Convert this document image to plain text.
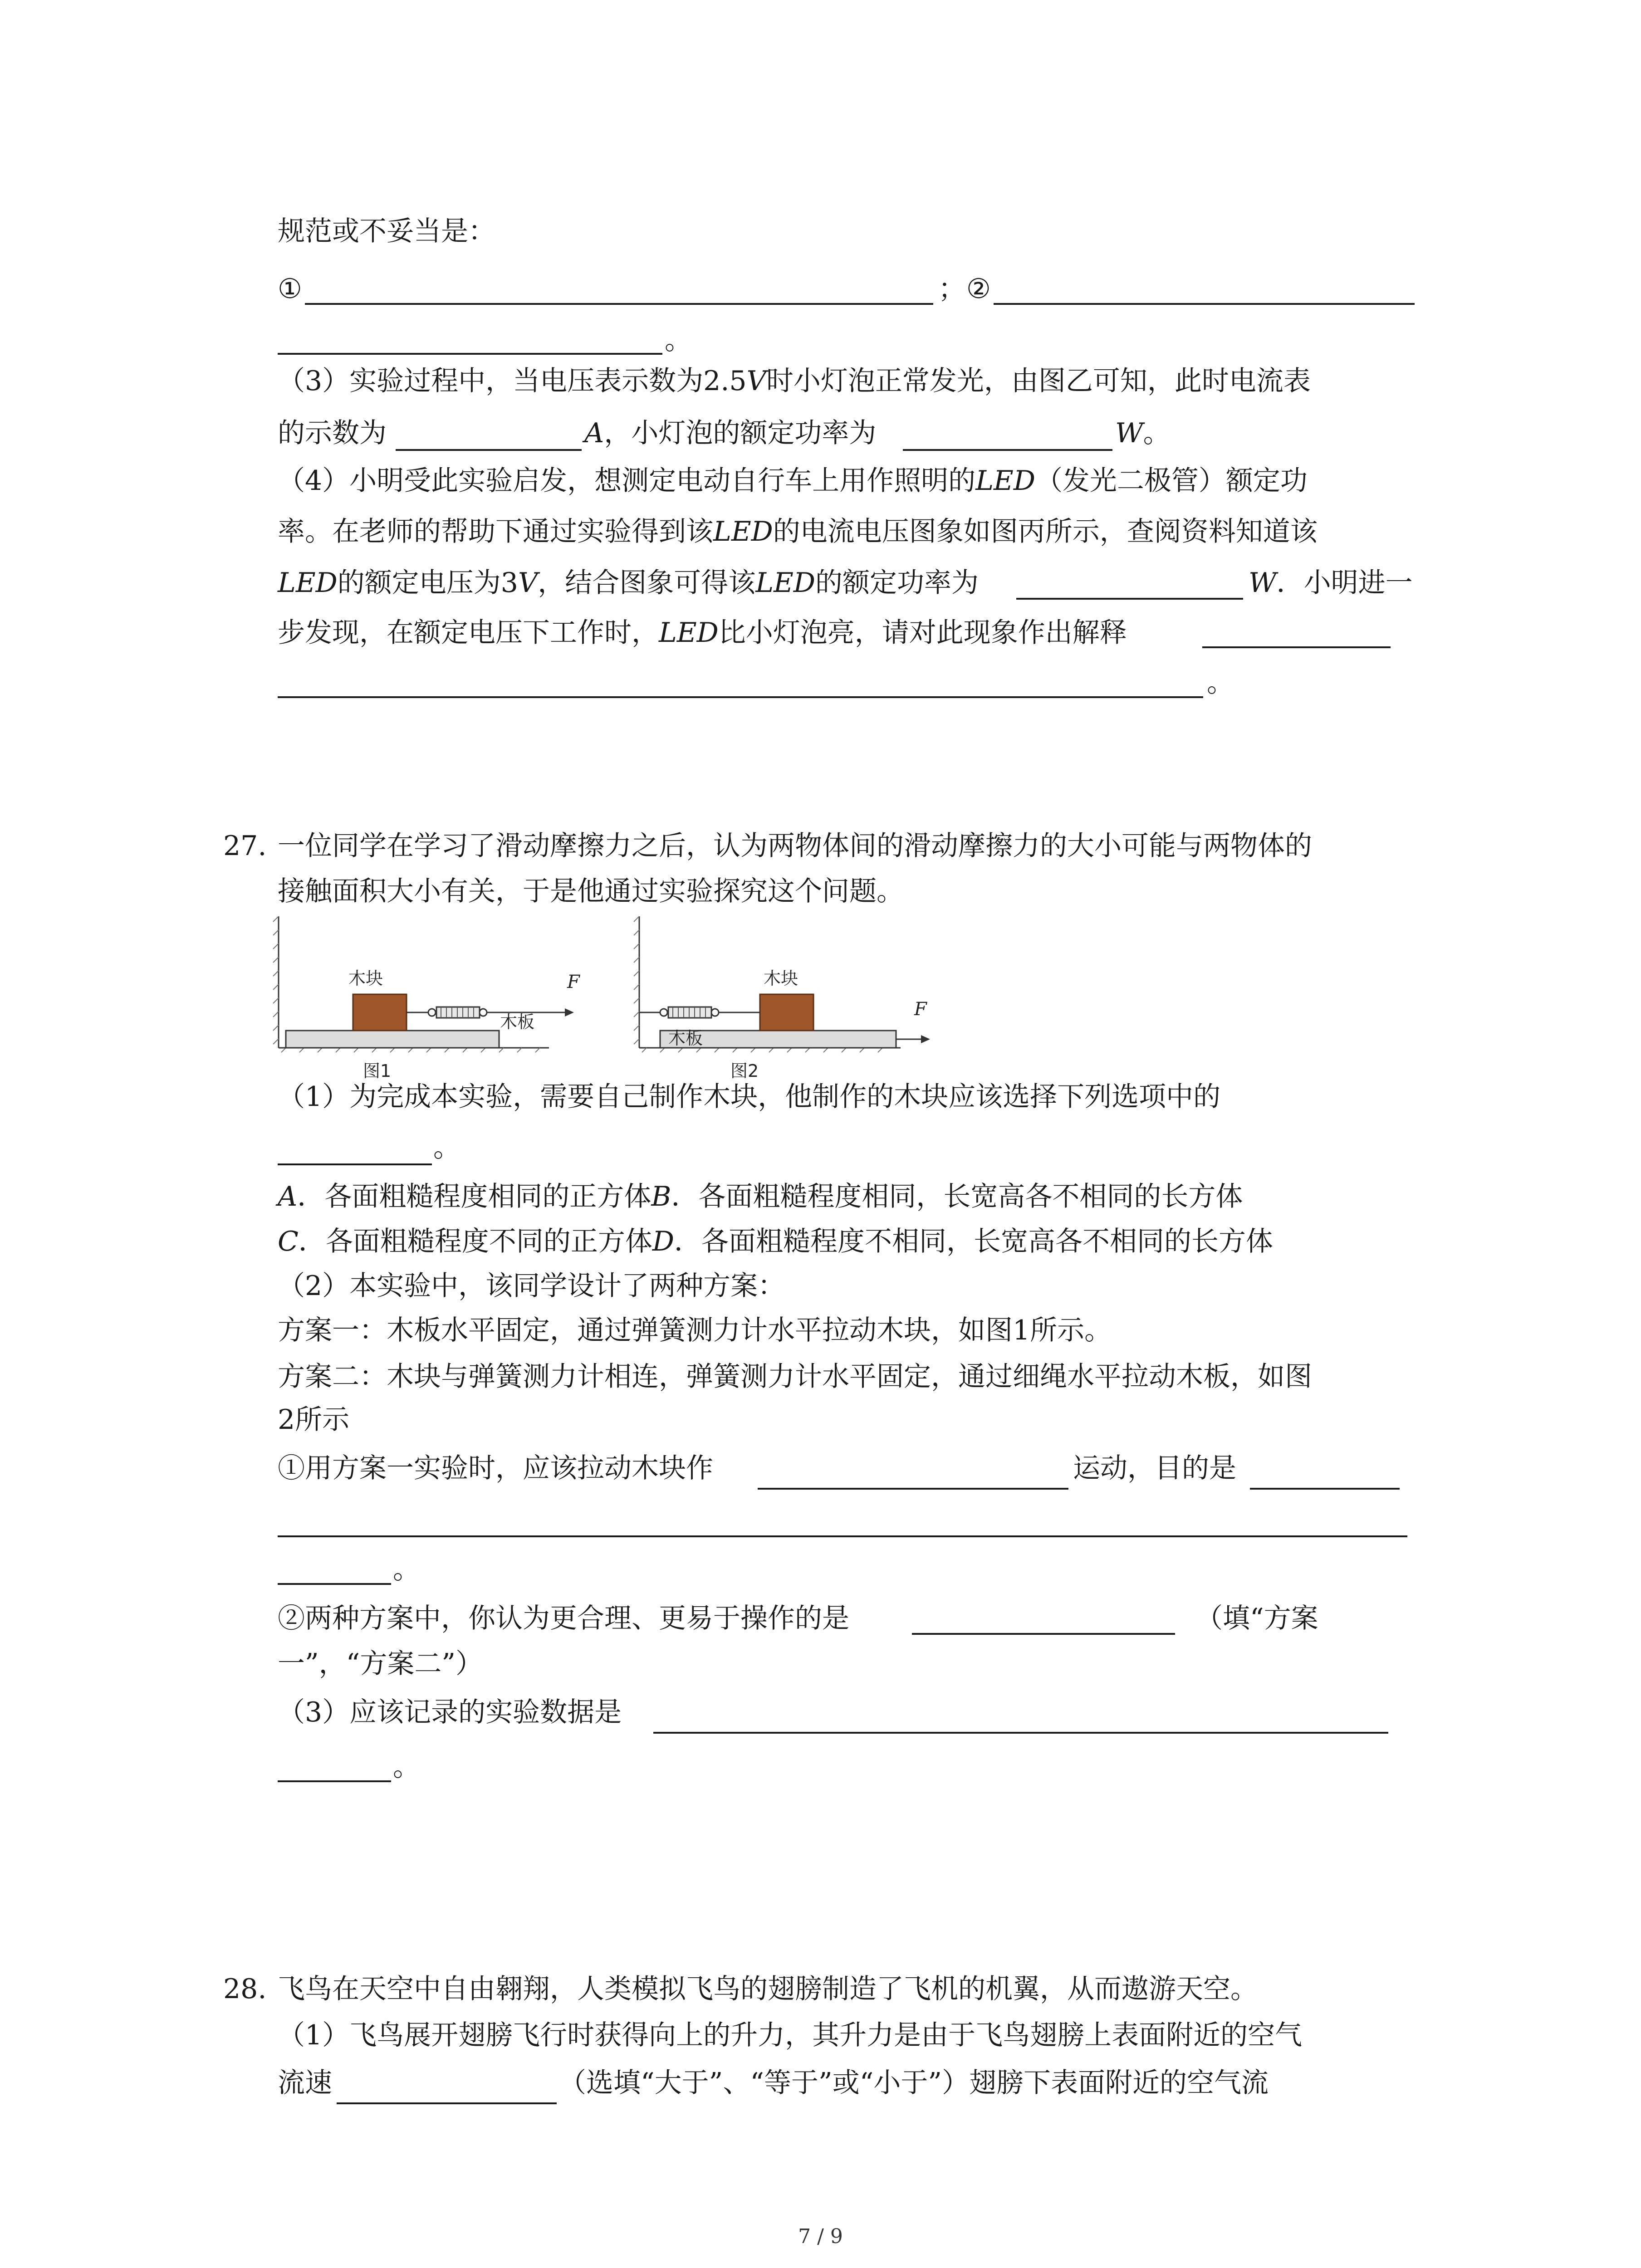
规范或不妥当是：
①	； ②
。
（3）实验过程中，当电压表示数为2.5V时小灯泡正常发光，由图乙可知，此时电流表
的示数为	A，小灯泡的额定功率为	W。
（4）小明受此实验启发，想测定电动自行车上用作照明的LED（发光二极管）额定功
率。在老师的帮助下通过实验得到该LED的电流电压图象如图丙所示，查阅资料知道该
LED的额定电压为3V，结合图象可得该LED的额定功率为	W．小明进一
步发现，在额定电压下工作时，LED比小灯泡亮，请对此现象作出解释
。
27. 一位同学在学习了滑动摩擦力之后，认为两物体间的滑动摩擦力的大小可能与两物体的
接触面积大小有关，于是他通过实验探究这个问题。
木块
木板
F
图1
木块
木板
F
图2
（1）为完成本实验，需要自己制作木块，他制作的木块应该选择下列选项中的
。
A．各面粗糙程度相同的正方体B．各面粗糙程度相同，长宽高各不相同的长方体
C．各面粗糙程度不同的正方体D．各面粗糙程度不相同，长宽高各不相同的长方体
（2）本实验中，该同学设计了两种方案：
方案一：木板水平固定，通过弹簧测力计水平拉动木块，如图1所示。
方案二：木块与弹簧测力计相连，弹簧测力计水平固定，通过细绳水平拉动木板，如图
2所示
①用方案一实验时，应该拉动木块作	运动，目的是
。
②两种方案中，你认为更合理、更易于操作的是	（填“方案
一”，“方案二”）
（3）应该记录的实验数据是
。
28. 飞鸟在天空中自由翱翔，人类模拟飞鸟的翅膀制造了飞机的机翼，从而遨游天空。
（1）飞鸟展开翅膀飞行时获得向上的升力，其升力是由于飞鸟翅膀上表面附近的空气
流速	（选填“大于”、“等于”或“小于”）翅膀下表面附近的空气流
7 / 9
